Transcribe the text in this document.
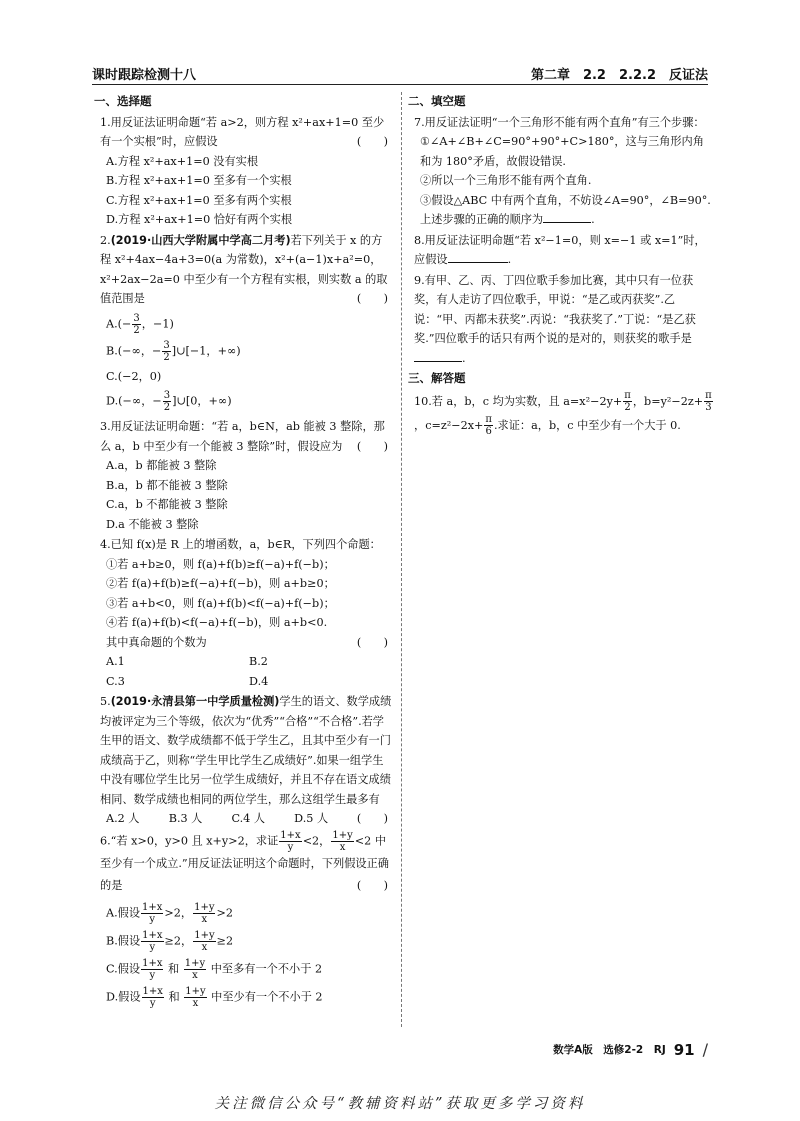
课时跟踪检测十八	第二章　2.2　2.2.2　反证法
一、选择题
1.用反证法证明命题“若 a>2，则方程 x²+ax+1=0 至少有一个实根”时，应假设	(　　)
A.方程 x²+ax+1=0 没有实根
B.方程 x²+ax+1=0 至多有一个实根
C.方程 x²+ax+1=0 至多有两个实根
D.方程 x²+ax+1=0 恰好有两个实根
2.(2019·山西大学附属中学高二月考)若下列关于 x 的方程 x²+4ax−4a+3=0(a 为常数)，x²+(a−1)x+a²=0，x²+2ax−2a=0 中至少有一个方程有实根，则实数 a 的取值范围是	(　　)
$A.(- \frac{3}{2}$ ，−1)
B.(−∞，− $\frac{3}{2}$ ]∪[−1，+∞)
C.(−2，0)
D.(−∞，− $\frac{3}{2}$ ]∪[0，+∞)
3.用反证法证明命题：“若 a，b∈N，ab 能被 3 整除，那么 a，b 中至少有一个能被 3 整除”时，假设应为 (　　)
A.a，b 都能被 3 整除
B.a，b 都不能被 3 整除
C.a，b 不都能被 3 整除
D.a 不能被 3 整除
4.已知 f(x)是 R 上的增函数，a，b∈R，下列四个命题：
①若 a+b≥0，则 f(a)+f(b)≥f(−a)+f(−b)；
②若 f(a)+f(b)≥f(−a)+f(−b)，则 a+b≥0；
③若 a+b<0，则 f(a)+f(b)<f(−a)+f(−b)；
④若 f(a)+f(b)<f(−a)+f(−b)，则 a+b<0.
其中真命题的个数为	(　　)
A.1	B.2
C.3	D.4
5.(2019·永清县第一中学质量检测)学生的语文、数学成绩均被评定为三个等级，依次为“优秀”“合格”“不合格”.若学生甲的语文、数学成绩都不低于学生乙，且其中至少有一门成绩高于乙，则称“学生甲比学生乙成绩好”.如果一组学生中没有哪位学生比另一位学生成绩好，并且不存在语文成绩相同、数学成绩也相同的两位学生，那么这组学生最多有
(　　)
A.2 人	B.3 人	C.4 人	D.5 人
6.“若 x>0，y>0 且 x+y>2，求证 $\frac{1+x}{y} <2$， $\frac{1+y}{x} <2$ 中至少有一个成立.”用反证法证明这个命题时，下列假设正确的是	(　　)
A.假设 $\frac{1+x}{y} >2$， $\frac{1+y}{x} >2$
B.假设 $\frac{1+x}{y} \ge 2$， $\frac{1+y}{x} \ge 2$
C.假设 $\frac{1+x}{y}$ 和 $\frac{1+y}{x}$ 中至多有一个不小于 2
D.假设 $\frac{1+x}{y}$ 和 $\frac{1+y}{x}$ 中至少有一个不小于 2
二、填空题
7.用反证法证明“一个三角形不能有两个直角”有三个步骤：
①∠A+∠B+∠C=90°+90°+C>180°，这与三角形内角和为 180°矛盾，故假设错误.
②所以一个三角形不能有两个直角.
③假设△ABC 中有两个直角，不妨设∠A=90°，∠B=90°.
上述步骤的正确的顺序为	.
8.用反证法证明命题“若 x²−1=0，则 x=−1 或 x=1”时，应假设	.
9.有甲、乙、丙、丁四位歌手参加比赛，其中只有一位获奖，有人走访了四位歌手，甲说：“是乙或丙获奖”.乙说：“甲、丙都未获奖”.丙说：“我获奖了.”丁说：“是乙获奖.”四位歌手的话只有两个说的是对的，则获奖的歌手是.
三、解答题
10.若 a，b，c 均为实数，且 $a=x^2-2y+ \frac{\pi}{2}$ ，$b=y^2-2z+ \frac{\pi}{3}$
，$c=z^2-2x+ \frac{\pi}{6}$ .求证：a，b，c 中至少有一个大于 0.
数学A版　选修2-2　RJ 91 /
关注微信公众号“教辅资料站”获取更多学习资料
